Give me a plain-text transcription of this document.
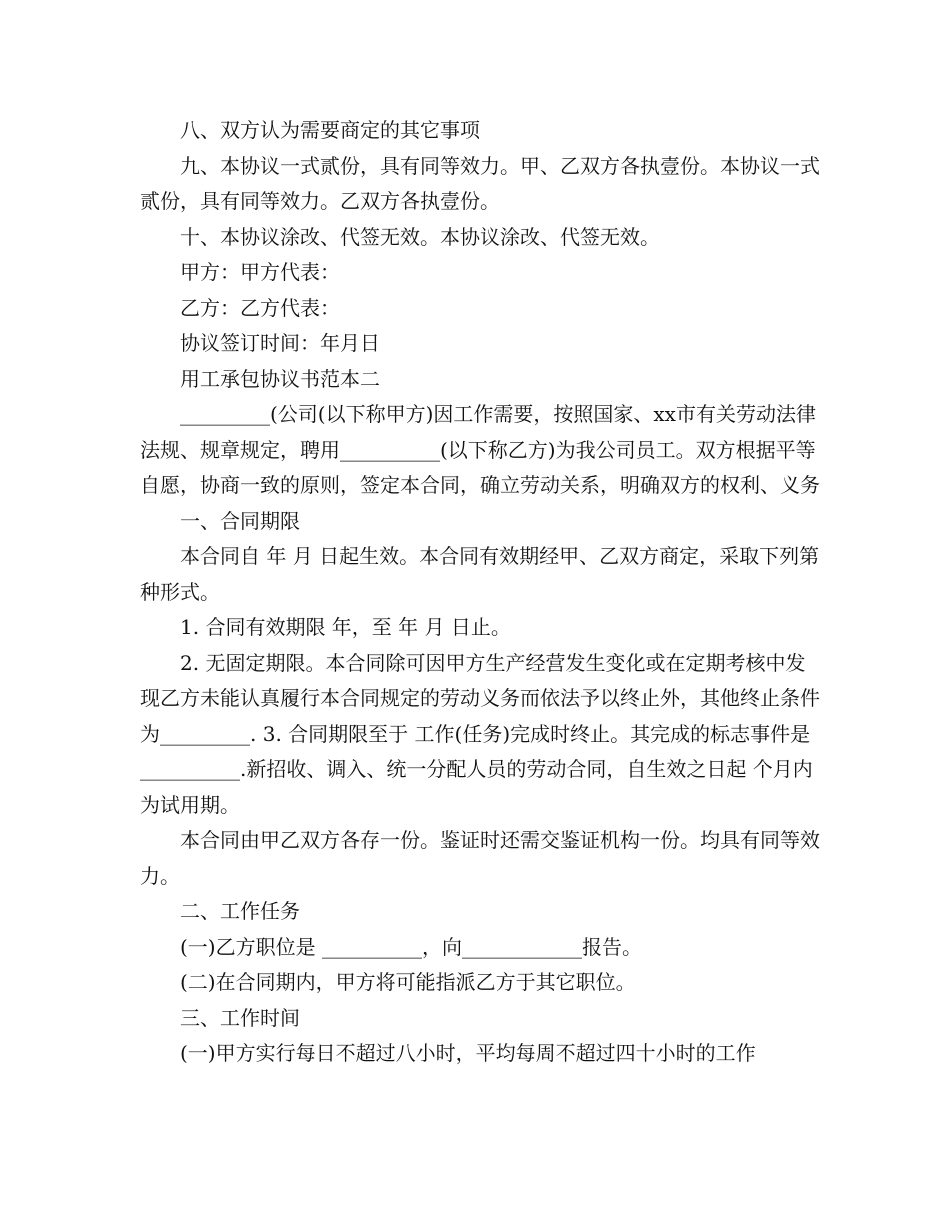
八、双方认为需要商定的其它事项

九、本协议一式贰份，具有同等效力。甲、乙双方各执壹份。本协议一式贰份，具有同等效力。乙双方各执壹份。

十、本协议涂改、代签无效。本协议涂改、代签无效。

甲方：甲方代表：

乙方：乙方代表：

协议签订时间：年月日

用工承包协议书范本二

_________(公司(以下称甲方)因工作需要，按照国家、xx市有关劳动法律法规、规章规定，聘用__________(以下称乙方)为我公司员工。双方根据平等自愿，协商一致的原则，签定本合同，确立劳动关系，明确双方的权利、义务

一、合同期限

本合同自 年 月 日起生效。本合同有效期经甲、乙双方商定，采取下列第 种形式。

1. 合同有效期限 年，至 年 月 日止。

2. 无固定期限。本合同除可因甲方生产经营发生变化或在定期考核中发现乙方未能认真履行本合同规定的劳动义务而依法予以终止外，其他终止条件为_________. 3. 合同期限至于 工作(任务)完成时终止。其完成的标志事件是__________.新招收、调入、统一分配人员的劳动合同，自生效之日起 个月内为试用期。

本合同由甲乙双方各存一份。鉴证时还需交鉴证机构一份。均具有同等效力。

二、工作任务

(一)乙方职位是 __________，向____________报告。

(二)在合同期内，甲方将可能指派乙方于其它职位。

三、工作时间

(一)甲方实行每日不超过八小时，平均每周不超过四十小时的工作
